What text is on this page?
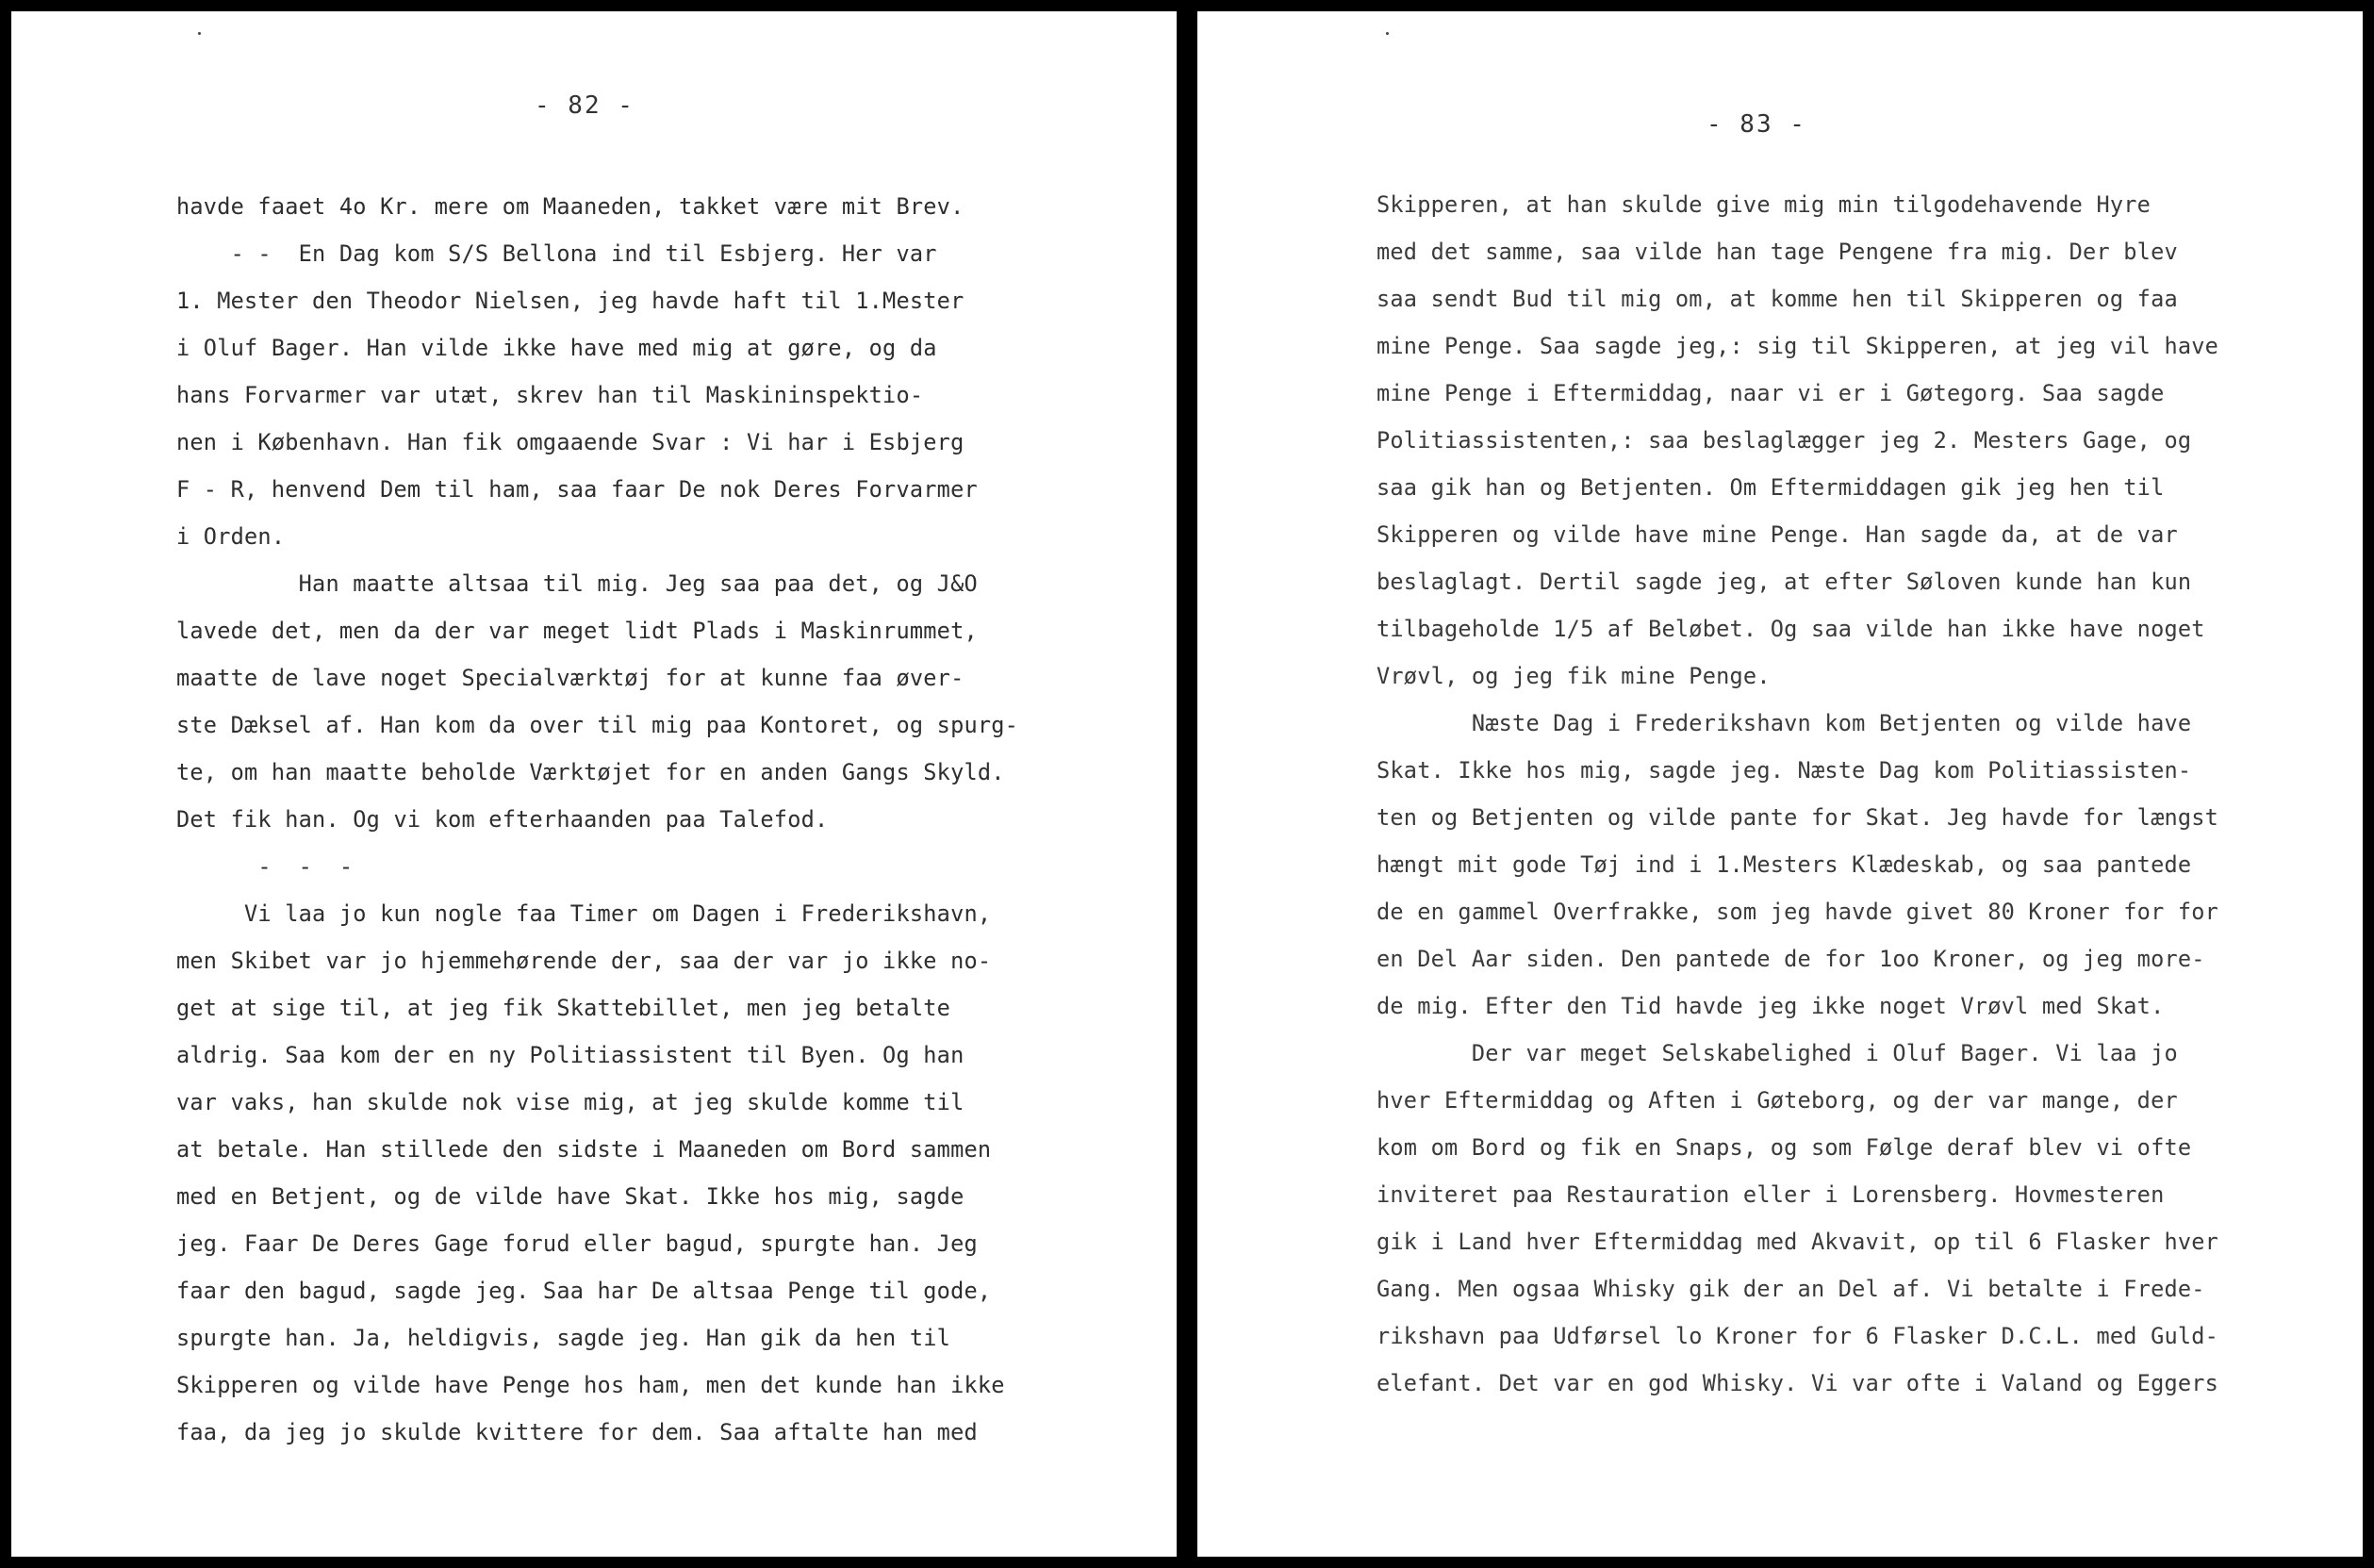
- 82 -
havde faaet 4o Kr. mere om Maaneden, takket være mit Brev.
- -  En Dag kom S/S Bellona ind til Esbjerg. Her var
1. Mester den Theodor Nielsen, jeg havde haft til 1.Mester
i Oluf Bager. Han vilde ikke have med mig at gøre, og da
hans Forvarmer var utæt, skrev han til Maskininspektio-
nen i København. Han fik omgaaende Svar : Vi har i Esbjerg
F - R, henvend Dem til ham, saa faar De nok Deres Forvarmer
i Orden.
Han maatte altsaa til mig. Jeg saa paa det, og J&O
lavede det, men da der var meget lidt Plads i Maskinrummet,
maatte de lave noget Specialværktøj for at kunne faa øver-
ste Dæksel af. Han kom da over til mig paa Kontoret, og spurg-
te, om han maatte beholde Værktøjet for en anden Gangs Skyld.
Det fik han. Og vi kom efterhaanden paa Talefod.
-  -  -
Vi laa jo kun nogle faa Timer om Dagen i Frederikshavn,
men Skibet var jo hjemmehørende der, saa der var jo ikke no-
get at sige til, at jeg fik Skattebillet, men jeg betalte
aldrig. Saa kom der en ny Politiassistent til Byen. Og han
var vaks, han skulde nok vise mig, at jeg skulde komme til
at betale. Han stillede den sidste i Maaneden om Bord sammen
med en Betjent, og de vilde have Skat. Ikke hos mig, sagde
jeg. Faar De Deres Gage forud eller bagud, spurgte han. Jeg
faar den bagud, sagde jeg. Saa har De altsaa Penge til gode,
spurgte han. Ja, heldigvis, sagde jeg. Han gik da hen til
Skipperen og vilde have Penge hos ham, men det kunde han ikke
faa, da jeg jo skulde kvittere for dem. Saa aftalte han med
- 83 -
Skipperen, at han skulde give mig min tilgodehavende Hyre
med det samme, saa vilde han tage Pengene fra mig. Der blev
saa sendt Bud til mig om, at komme hen til Skipperen og faa
mine Penge. Saa sagde jeg,: sig til Skipperen, at jeg vil have
mine Penge i Eftermiddag, naar vi er i Gøtegorg. Saa sagde
Politiassistenten,: saa beslaglægger jeg 2. Mesters Gage, og
saa gik han og Betjenten. Om Eftermiddagen gik jeg hen til
Skipperen og vilde have mine Penge. Han sagde da, at de var
beslaglagt. Dertil sagde jeg, at efter Søloven kunde han kun
tilbageholde 1/5 af Beløbet. Og saa vilde han ikke have noget
Vrøvl, og jeg fik mine Penge.
Næste Dag i Frederikshavn kom Betjenten og vilde have
Skat. Ikke hos mig, sagde jeg. Næste Dag kom Politiassisten-
ten og Betjenten og vilde pante for Skat. Jeg havde for længst
hængt mit gode Tøj ind i 1.Mesters Klædeskab, og saa pantede
de en gammel Overfrakke, som jeg havde givet 80 Kroner for for
en Del Aar siden. Den pantede de for 1oo Kroner, og jeg more-
de mig. Efter den Tid havde jeg ikke noget Vrøvl med Skat.
Der var meget Selskabelighed i Oluf Bager. Vi laa jo
hver Eftermiddag og Aften i Gøteborg, og der var mange, der
kom om Bord og fik en Snaps, og som Følge deraf blev vi ofte
inviteret paa Restauration eller i Lorensberg. Hovmesteren
gik i Land hver Eftermiddag med Akvavit, op til 6 Flasker hver
Gang. Men ogsaa Whisky gik der an Del af. Vi betalte i Frede-
rikshavn paa Udførsel lo Kroner for 6 Flasker D.C.L. med Guld-
elefant. Det var en god Whisky. Vi var ofte i Valand og Eggers
